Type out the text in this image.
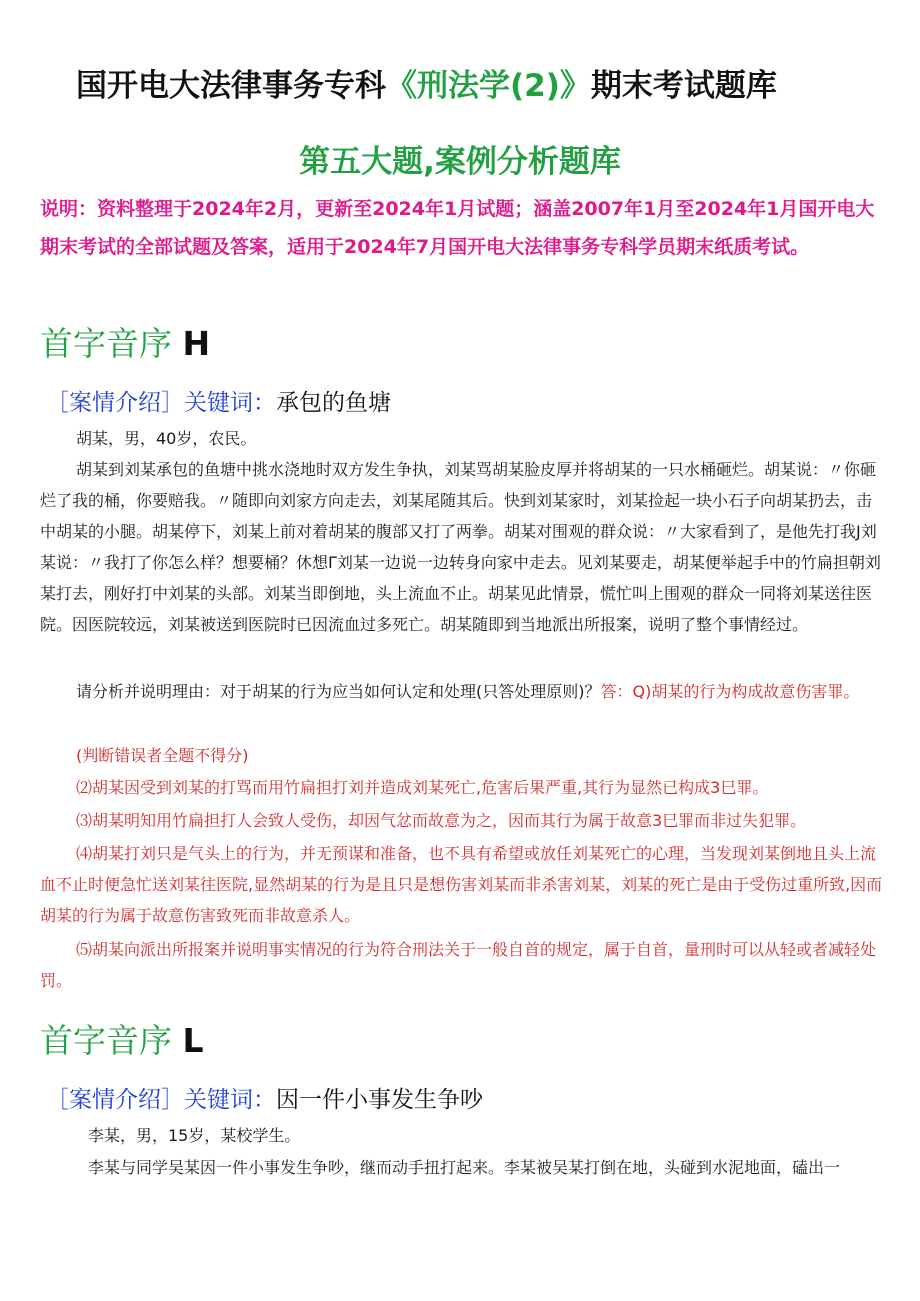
国开电大法律事务专科《刑法学(2)》期末考试题库
第五大题,案例分析题库
说明：资料整理于2024年2月，更新至2024年1月试题；涵盖2007年1月至2024年1月国开电大期末考试的全部试题及答案，适用于2024年7月国开电大法律事务专科学员期末纸质考试。
首字音序 H
［案情介绍］关键词：承包的鱼塘
胡某，男，40岁，农民。
胡某到刘某承包的鱼塘中挑水浇地时双方发生争执，刘某骂胡某脸皮厚并将胡某的一只水桶砸烂。胡某说：〃你砸烂了我的桶，你要赔我。〃随即向刘家方向走去，刘某尾随其后。快到刘某家时，刘某捡起一块小石子向胡某扔去，击中胡某的小腿。胡某停下，刘某上前对着胡某的腹部又打了两拳。胡某对围观的群众说：〃大家看到了，是他先打我J刘某说：〃我打了你怎么样？想要桶？休想Γ刘某一边说一边转身向家中走去。见刘某要走，胡某便举起手中的竹扁担朝刘某打去，刚好打中刘某的头部。刘某当即倒地，头上流血不止。胡某见此情景，慌忙叫上围观的群众一同将刘某送往医院。因医院较远，刘某被送到医院时已因流血过多死亡。胡某随即到当地派出所报案，说明了整个事情经过。
请分析并说明理由：对于胡某的行为应当如何认定和处理(只答处理原则)？答：Q)胡某的行为构成故意伤害罪。
(判断错误者全题不得分)
⑵胡某因受到刘某的打骂而用竹扁担打刘并造成刘某死亡,危害后果严重,其行为显然已构成3巳罪。
⑶胡某明知用竹扁担打人会致人受伤，却因气忿而故意为之，因而其行为属于故意3巳罪而非过失犯罪。
⑷胡某打刘只是气头上的行为，并无预谋和准备，也不具有希望或放任刘某死亡的心理，当发现刘某倒地且头上流血不止时便急忙送刘某往医院,显然胡某的行为是且只是想伤害刘某而非杀害刘某，刘某的死亡是由于受伤过重所致,因而胡某的行为属于故意伤害致死而非故意杀人。
⑸胡某向派出所报案并说明事实情况的行为符合刑法关于一般自首的规定，属于自首，量刑时可以从轻或者减轻处罚。
首字音序 L
［案情介绍］关键词：因一件小事发生争吵
李某，男，15岁，某校学生。
李某与同学吴某因一件小事发生争吵，继而动手扭打起来。李某被吴某打倒在地，头碰到水泥地面，磕出一
